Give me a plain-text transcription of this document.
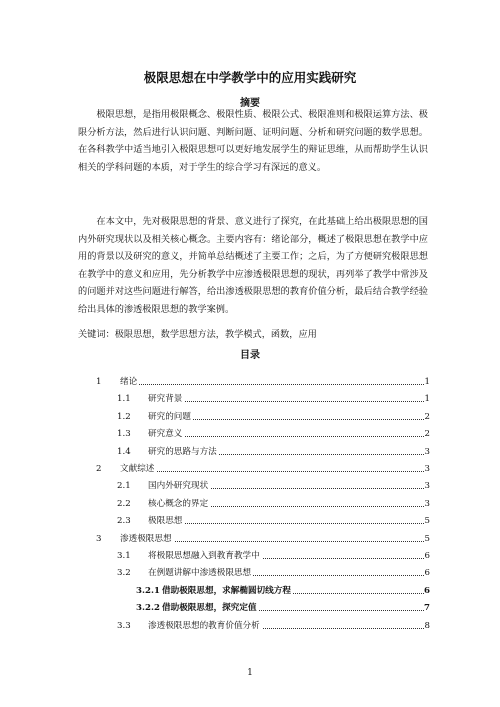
极限思想在中学教学中的应用实践研究
摘要

极限思想，是指用极限概念、极限性质、极限公式、极限准则和极限运算方法、极限分析方法，然后进行认识问题、判断问题、证明问题、分析和研究问题的数学思想。在各科教学中适当地引入极限思想可以更好地发展学生的辩证思维，从而帮助学生认识相关的学科问题的本质，对于学生的综合学习有深远的意义。

在本文中，先对极限思想的背景、意义进行了探究，在此基础上给出极限思想的国内外研究现状以及相关核心概念。主要内容有：绪论部分，概述了极限思想在教学中应用的背景以及研究的意义，并简单总结概述了主要工作；之后，为了方便研究极限思想在教学中的意义和应用，先分析教学中应渗透极限思想的现状，再列举了教学中常涉及的问题并对这些问题进行解答，给出渗透极限思想的教育价值分析，最后结合教学经验给出具体的渗透极限思想的教学案例。

关键词：极限思想，数学思想方法，教学模式，函数，应用
目录
1 绪论	1
1.1 研究背景	1
1.2 研究的问题	2
1.3 研究意义	2
1.4 研究的思路与方法	3
2 文献综述	3
2.1 国内外研究现状	3
2.2 核心概念的界定	3
2.3 极限思想	5
3 渗透极限思想	5
3.1 将极限思想融入到教育教学中	6
3.2 在例题讲解中渗透极限思想	6
3.2.1 借助极限思想，求解椭圆切线方程	6
3.2.2 借助极限思想，探究定值	7
3.3 渗透极限思想的教育价值分析	8
1
